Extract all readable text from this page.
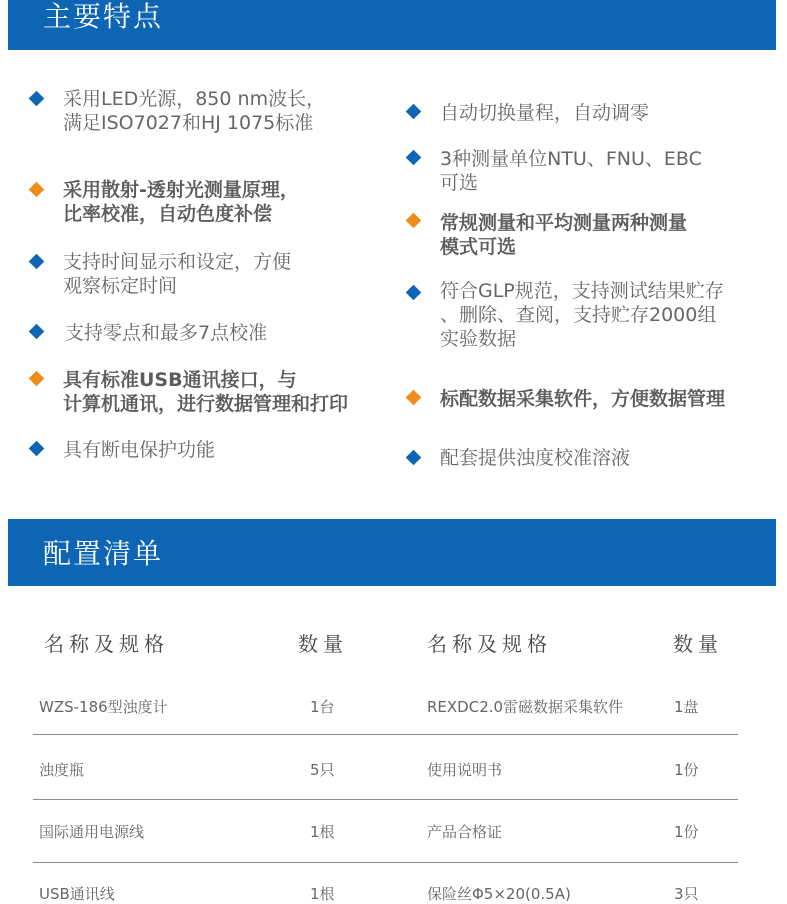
主要特点
采用LED光源，850 nm波长，
满足ISO7027和HJ 1075标准
采用散射-透射光测量原理，
比率校准，自动色度补偿
支持时间显示和设定，方便
观察标定时间
支持零点和最多7点校准
具有标准USB通讯接口，与
计算机通讯，进行数据管理和打印
具有断电保护功能
自动切换量程，自动调零
3种测量单位NTU、FNU、EBC
可选
常规测量和平均测量两种测量
模式可选
符合GLP规范，支持测试结果贮存
、删除、查阅，支持贮存2000组
实验数据
标配数据采集软件，方便数据管理
配套提供浊度校准溶液
配置清单
名称及规格	数量	名称及规格	数量
WZS-186型浊度计	1台	REXDC2.0雷磁数据采集软件	1盘
浊度瓶	5只	使用说明书	1份
国际通用电源线	1根	产品合格证	1份
USB通讯线	1根	保险丝Φ5×20(0.5A)	3只
